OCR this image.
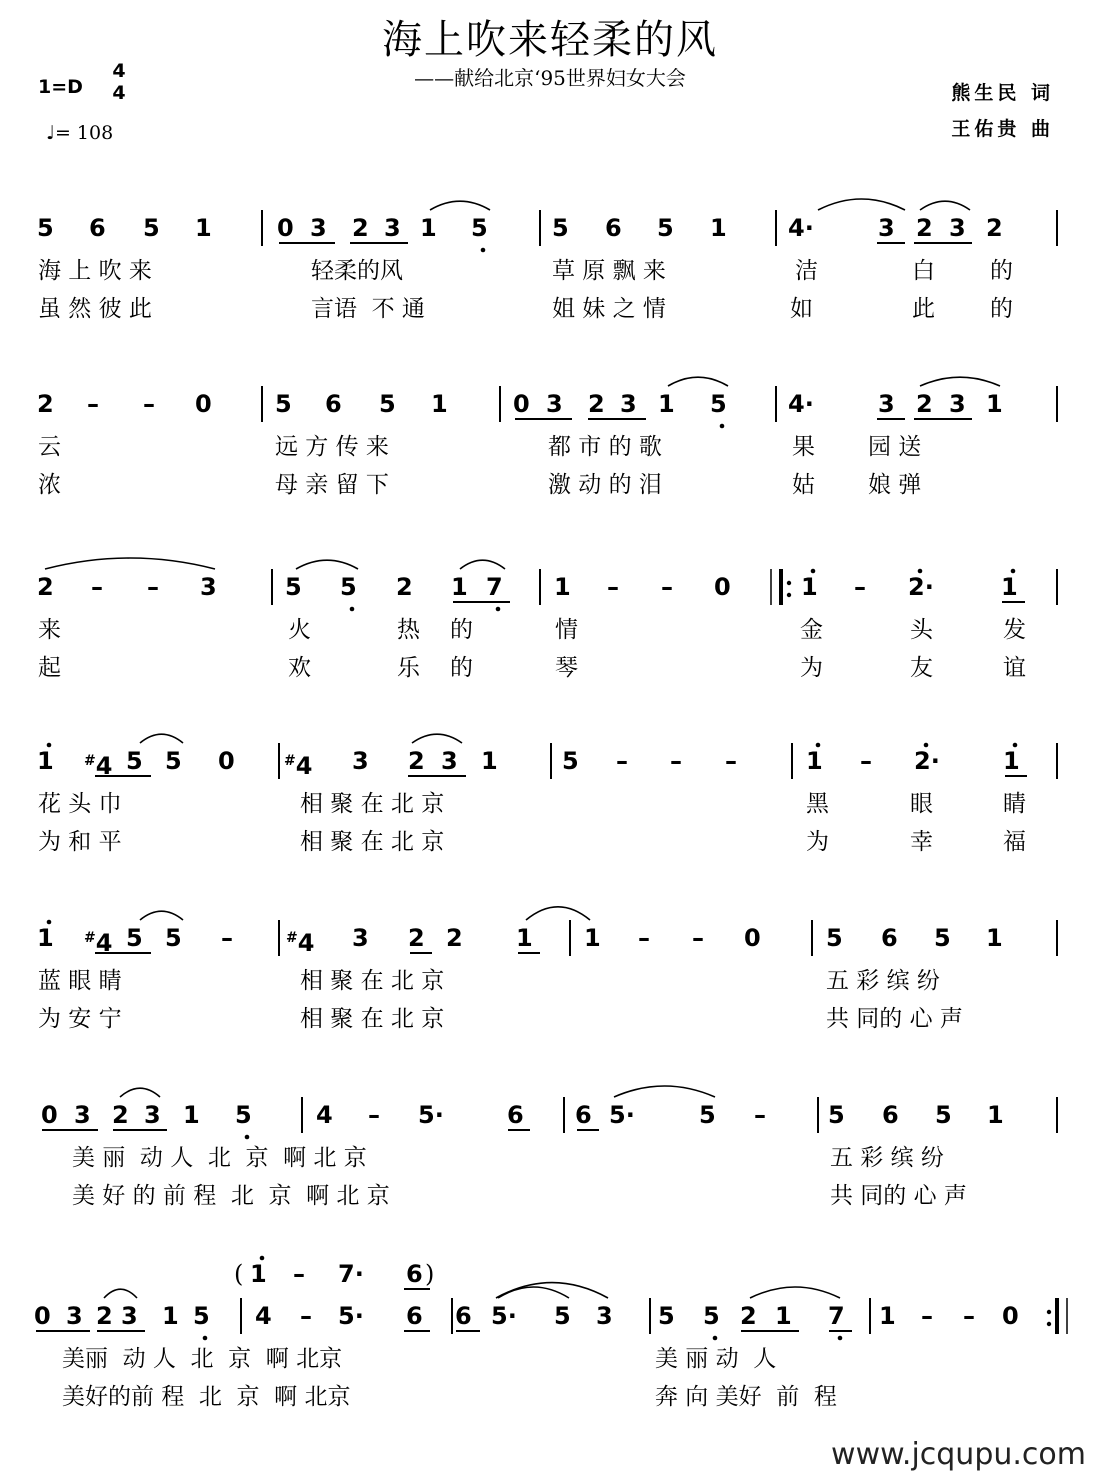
海上吹来轻柔的风
——献给北京‘95世界妇女大会
1=D
4
4
♩= 108
熊生民 词
王佑贵 曲
5	6	5	1	0 3	2 3 1	5	5	6	5	1	4·	3 2 3 2
海 上 吹 来	轻柔的风	草 原 飘 来	洁	白 的
虽 然 彼 此	言语  不 通	姐 妹 之 情	如	此 的
2	–	–	0	5	6	5	1	0 3	2 3 1	5	4·	3 2 3 1
云	远 方 传 来	都 市 的 歌	果 园 送
浓	母 亲 留 下	激 动 的 泪	姑 娘 弹
2	–	–	3	5	5	2	1 7	1	–	–	0	1	–	2·	1
来	火	热 的	情	金	头	发
起	欢	乐 的	琴	为	友	谊
1	#4 5 5	0	#4 3	2 3 1	5	–	–	–	1	–	2·	1
花 头 巾	相 聚 在 北 京	黑	眼	睛
为 和 平	相 聚 在 北 京	为	幸	福
1	#4 5 5	–	#4 3	2 2	1	1	–	–	0	5	6	5	1
蓝 眼 睛	相 聚 在 北 京	五 彩 缤 纷
为 安 宁	相 聚 在 北 京	共 同的 心 声
0 3 2 3 1	5	4	–	5·	6	6 5·	5	–	5	6	5	1
美 丽  动 人  北  京  啊 北 京	五 彩 缤 纷
美 好 的 前 程  北  京  啊 北 京	共 同的 心 声
0 3 2 3	1 5	4	–	5·	6	6 5·	5	3	5	5 2 1	7	1	–	–	0
美丽  动 人  北  京  啊 北京	美 丽 动  人
美好的前 程  北  京  啊 北京	奔 向 美好  前  程
( 1	–	7·	6 )
www.jcqupu.com
